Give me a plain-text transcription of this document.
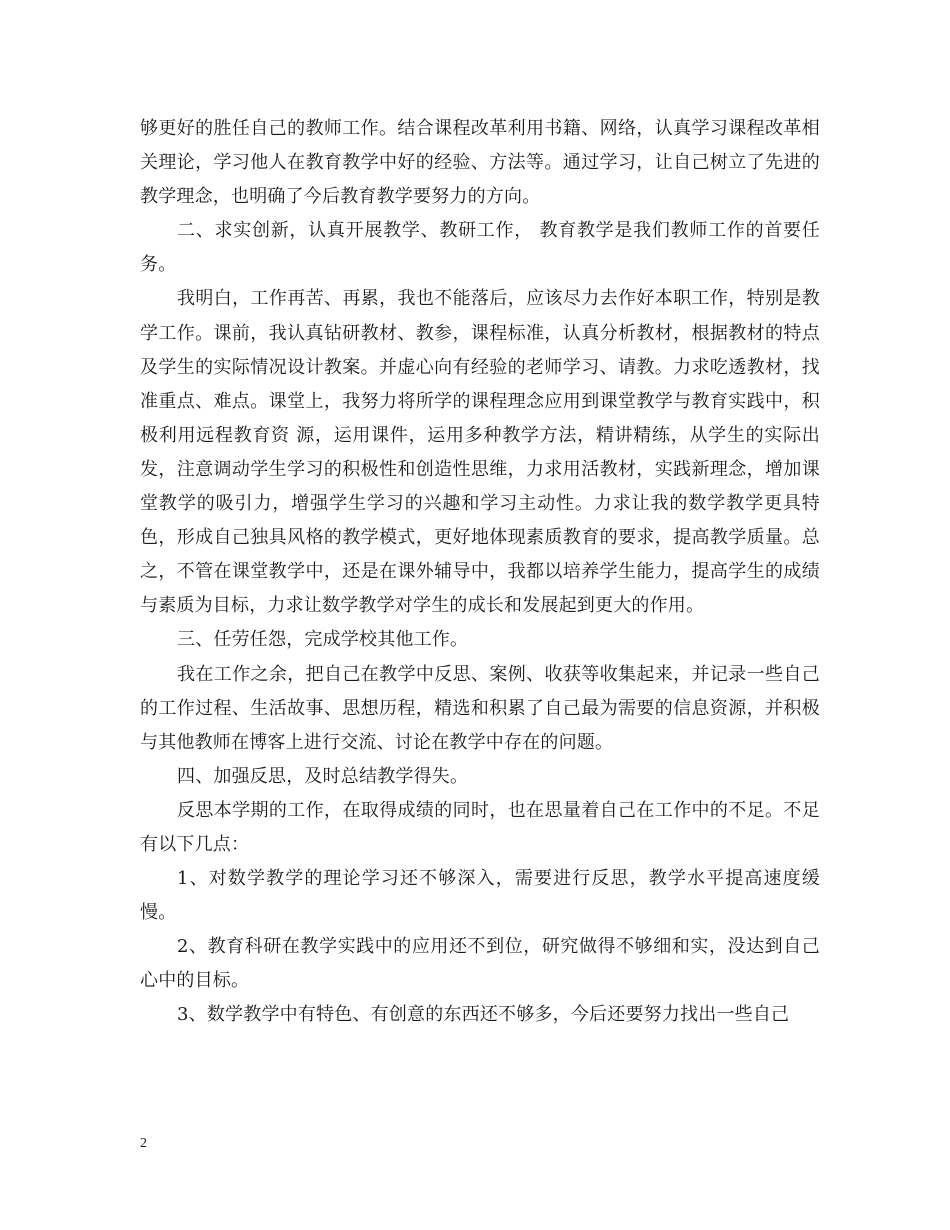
够更好的胜任自己的教师工作。结合课程改革利用书籍、网络，认真学习课程改革相关理论，学习他人在教育教学中好的经验、方法等。通过学习，让自己树立了先进的教学理念，也明确了今后教育教学要努力的方向。

二、求实创新，认真开展教学、教研工作， 教育教学是我们教师工作的首要任务。

我明白，工作再苦、再累，我也不能落后，应该尽力去作好本职工作，特别是教学工作。课前，我认真钻研教材、教参，课程标准，认真分析教材，根据教材的特点及学生的实际情况设计教案。并虚心向有经验的老师学习、请教。力求吃透教材，找准重点、难点。课堂上，我努力将所学的课程理念应用到课堂教学与教育实践中，积极利用远程教育资 源，运用课件，运用多种教学方法，精讲精练，从学生的实际出发，注意调动学生学习的积极性和创造性思维，力求用活教材，实践新理念，增加课堂教学的吸引力，增强学生学习的兴趣和学习主动性。力求让我的数学教学更具特色，形成自己独具风格的教学模式，更好地体现素质教育的要求，提高教学质量。总之，不管在课堂教学中，还是在课外辅导中，我都以培养学生能力，提高学生的成绩与素质为目标，力求让数学教学对学生的成长和发展起到更大的作用。

三、任劳任怨，完成学校其他工作。

我在工作之余，把自己在教学中反思、案例、收获等收集起来，并记录一些自己的工作过程、生活故事、思想历程，精选和积累了自己最为需要的信息资源，并积极与其他教师在博客上进行交流、讨论在教学中存在的问题。

四、加强反思，及时总结教学得失。

反思本学期的工作，在取得成绩的同时，也在思量着自己在工作中的不足。不足有以下几点：

1、对数学教学的理论学习还不够深入，需要进行反思，教学水平提高速度缓慢。

2、教育科研在教学实践中的应用还不到位，研究做得不够细和实，没达到自己心中的目标。

3、数学教学中有特色、有创意的东西还不够多，今后还要努力找出一些自己

2
